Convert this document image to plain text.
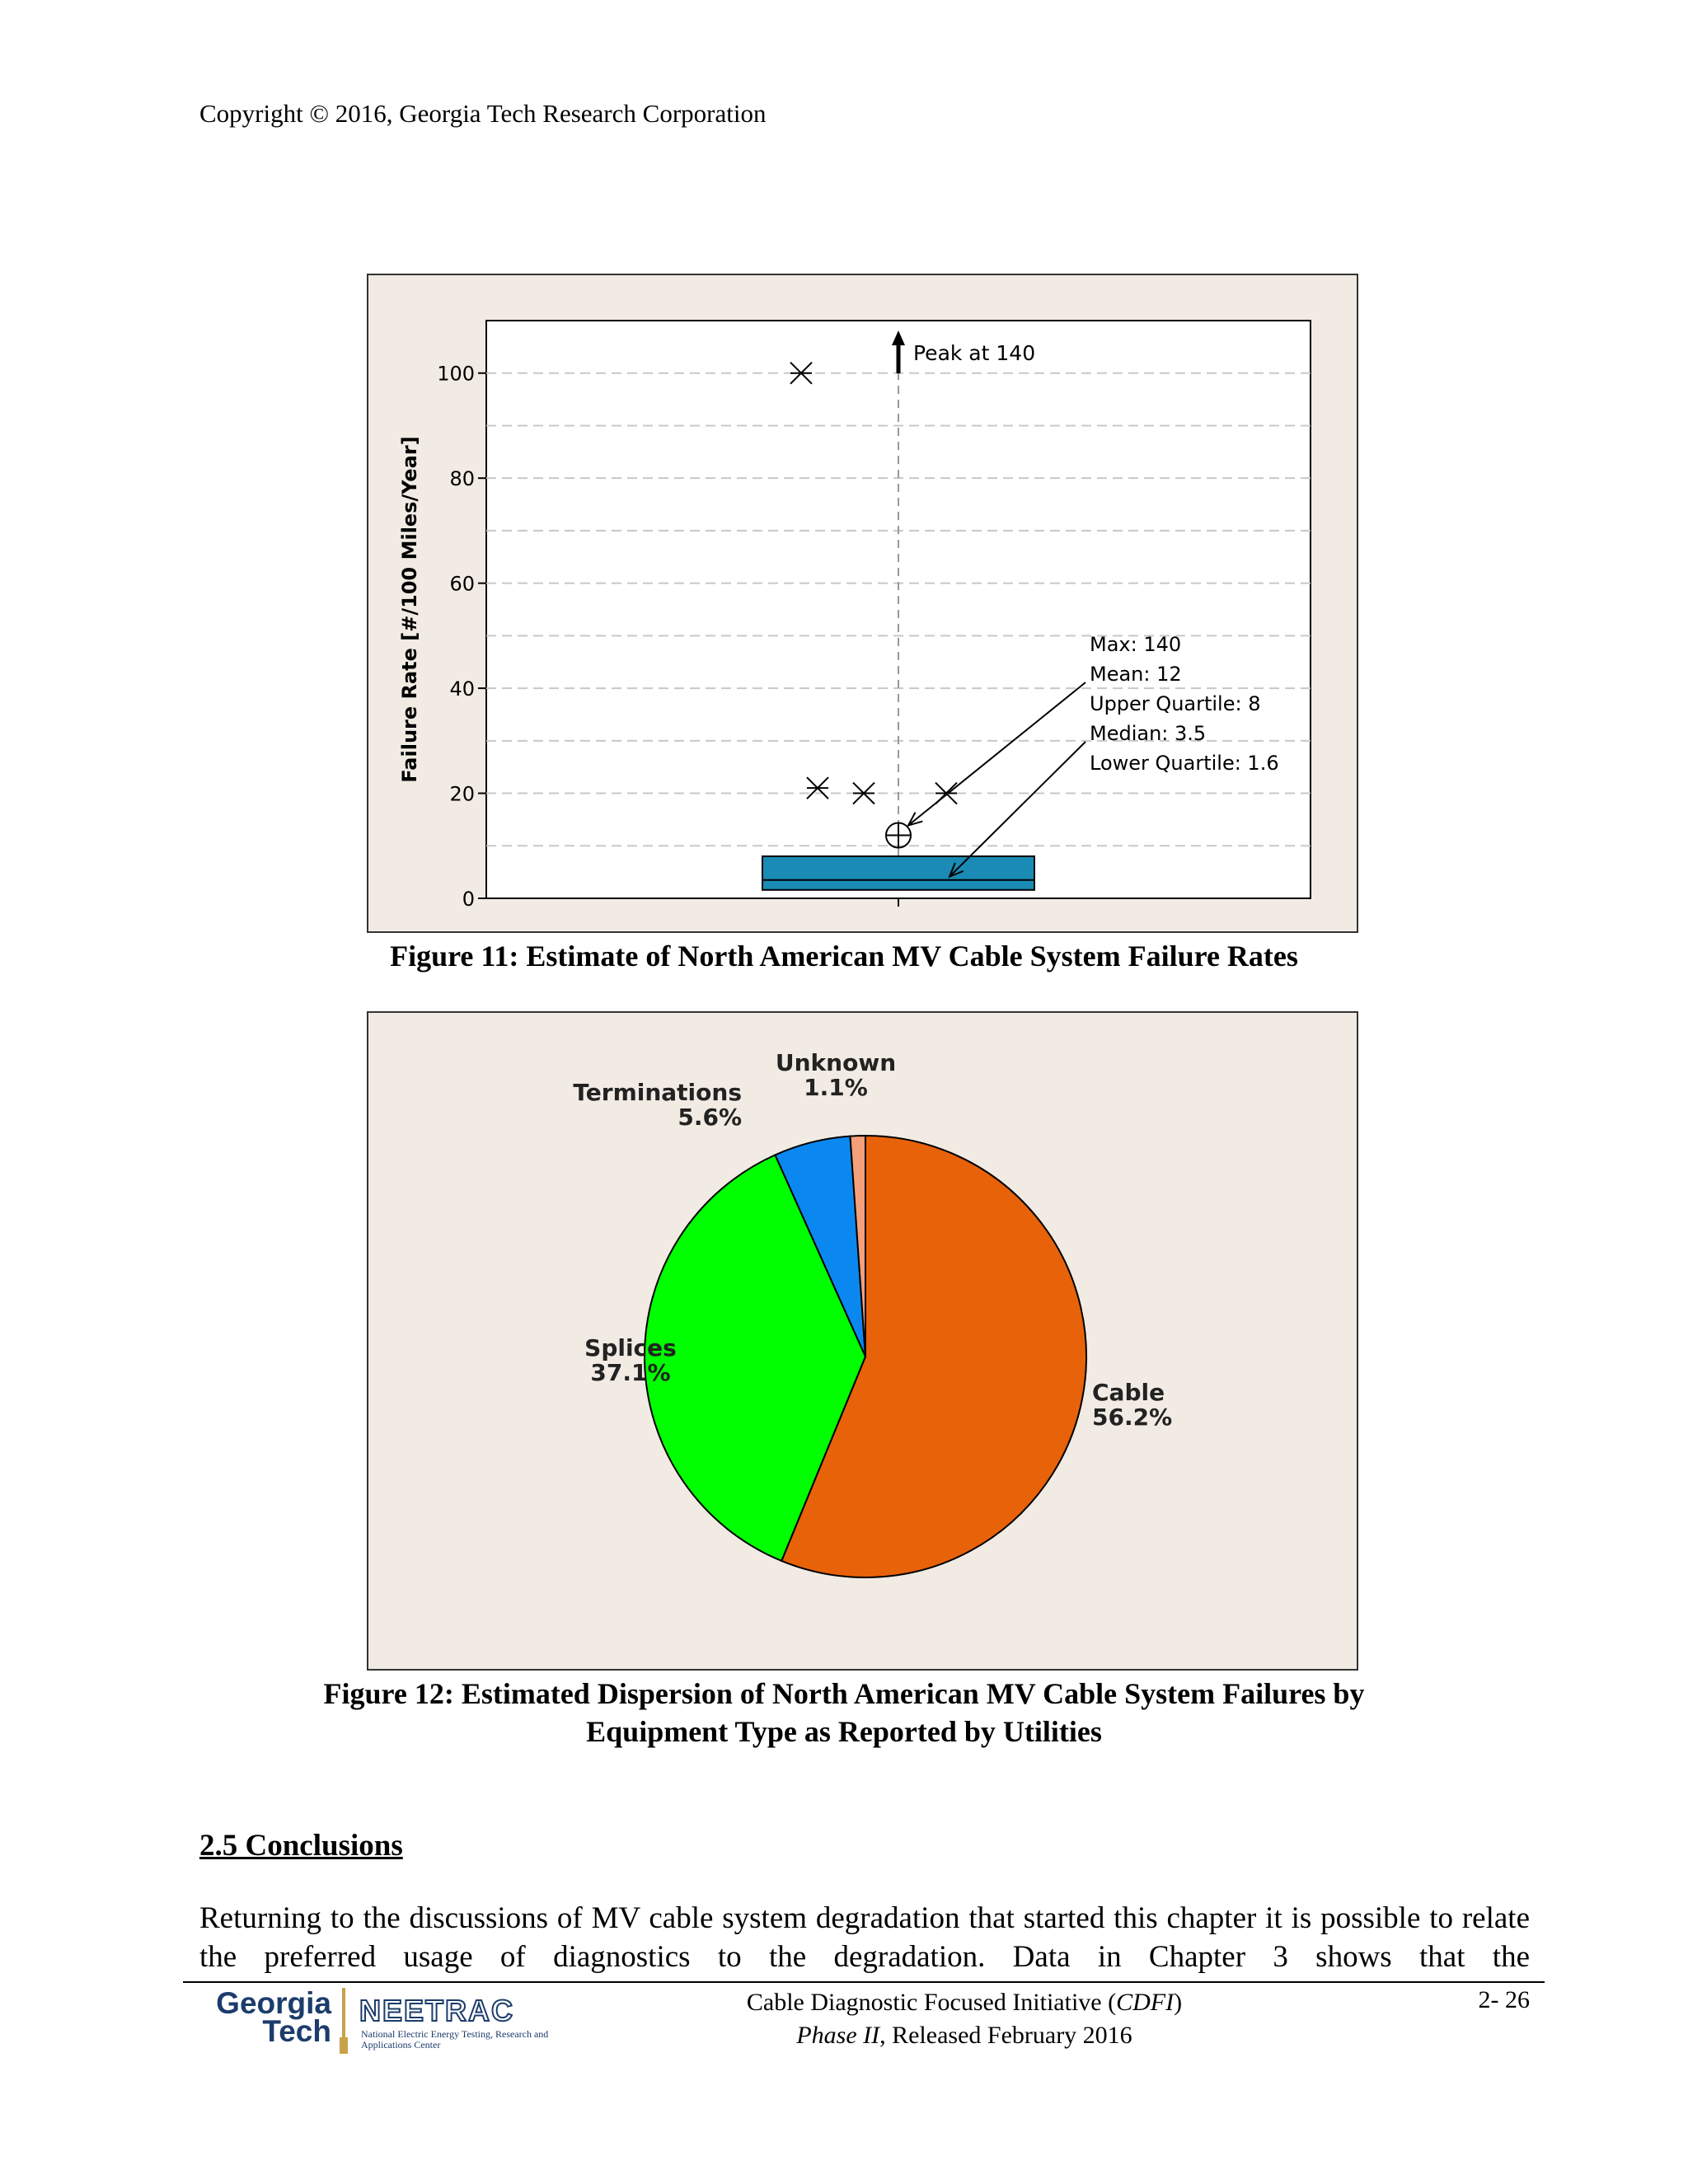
Copyright © 2016, Georgia Tech Research Corporation
0
20
40
60
80
100
Failure Rate [#/100 Miles/Year]
Peak at 140
Max: 140
Mean: 12
Upper Quartile: 8
Median: 3.5
Lower Quartile: 1.6
Figure 11: Estimate of North American MV Cable System Failure Rates
Cable
56.2%
Splices
37.1%
Terminations
5.6%
Unknown
1.1%
Figure 12: Estimated Dispersion of North American MV Cable System Failures by
Equipment Type as Reported by Utilities
2.5 Conclusions
Returning to the discussions of MV cable system degradation that started this chapter it is possible to relate the preferred usage of diagnostics to the degradation. Data in Chapter 3 shows that the
Georgia
Tech
NEETRAC
National Electric Energy Testing, Research and Applications Center
Cable Diagnostic Focused Initiative (CDFI)
Phase II, Released February 2016
2- 26
